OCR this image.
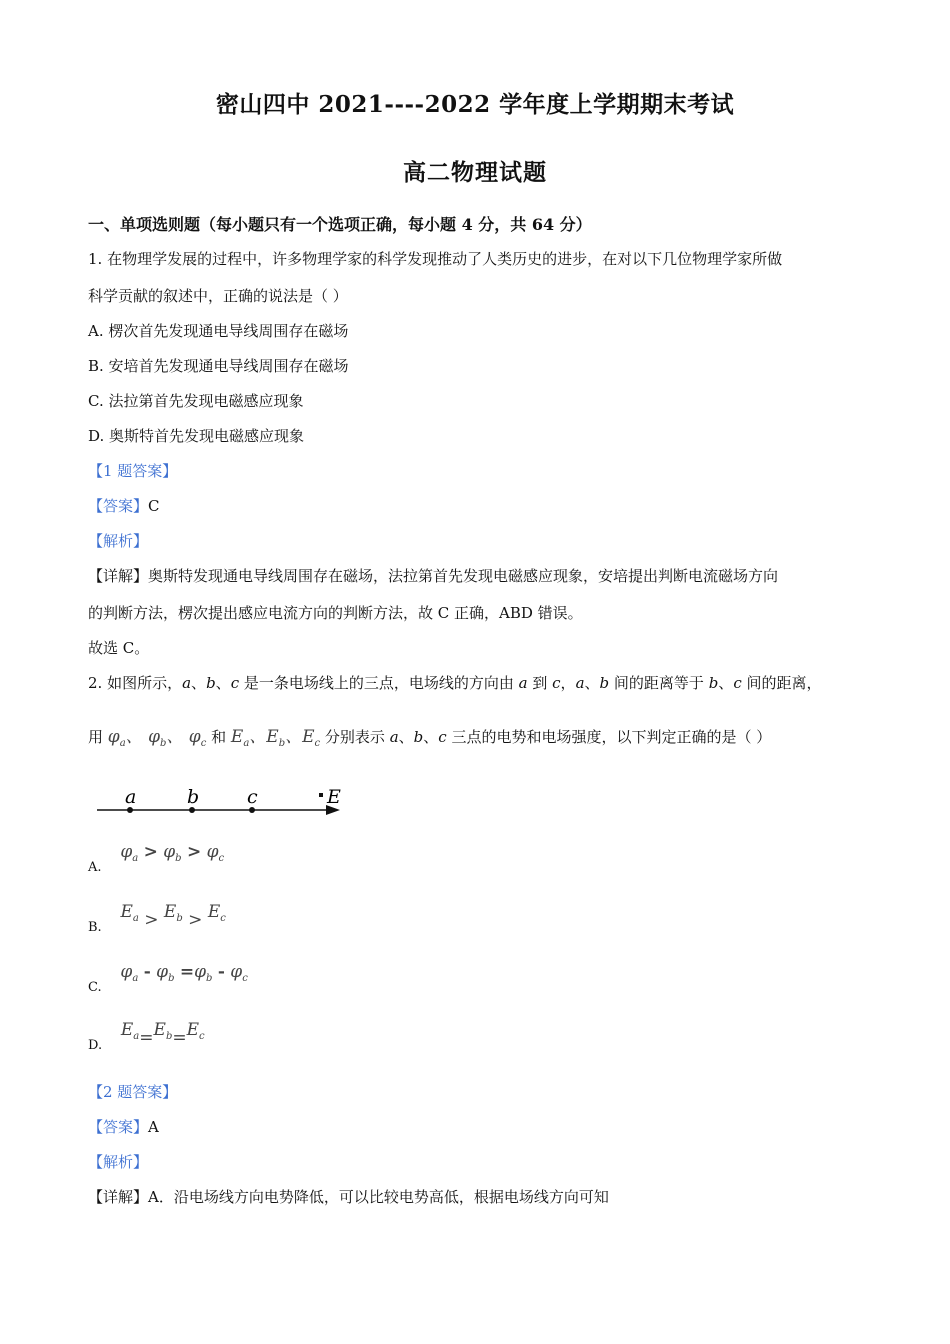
密山四中 2021----2022 学年度上学期期末考试
高二物理试题
一、单项选则题（每小题只有一个选项正确，每小题 4 分，共 64 分）
1. 在物理学发展的过程中，许多物理学家的科学发现推动了人类历史的进步，在对以下几位物理学家所做
科学贡献的叙述中，正确的说法是（ ）
A. 楞次首先发现通电导线周围存在磁场
B. 安培首先发现通电导线周围存在磁场
C. 法拉第首先发现电磁感应现象
D. 奥斯特首先发现电磁感应现象
【1 题答案】
【答案】C
【解析】
【详解】奥斯特发现通电导线周围存在磁场，法拉第首先发现电磁感应现象，安培提出判断电流磁场方向
的判断方法，楞次提出感应电流方向的判断方法，故 C 正确，ABD 错误。
故选 C。
2. 如图所示，a、b、c 是一条电场线上的三点，电场线的方向由 a 到 c，a、b 间的距离等于 b、c 间的距离，
用 $\varphi_a$、 $\varphi_b$、 $\varphi_c$ 和 $E_a$、$E_b$、$E_c$ 分别表示 a、b、c 三点的电势和电场强度，以下判定正确的是（ ）
a	b	c	E
A. $\varphi_a > \varphi_b > \varphi_c$
B. $E_a > E_b > E_c$
C. $\varphi_a - \varphi_b =\varphi_b - \varphi_c$
D. $E_a=E_b=E_c$
【2 题答案】
【答案】A
【解析】
【详解】A．沿电场线方向电势降低，可以比较电势高低，根据电场线方向可知
